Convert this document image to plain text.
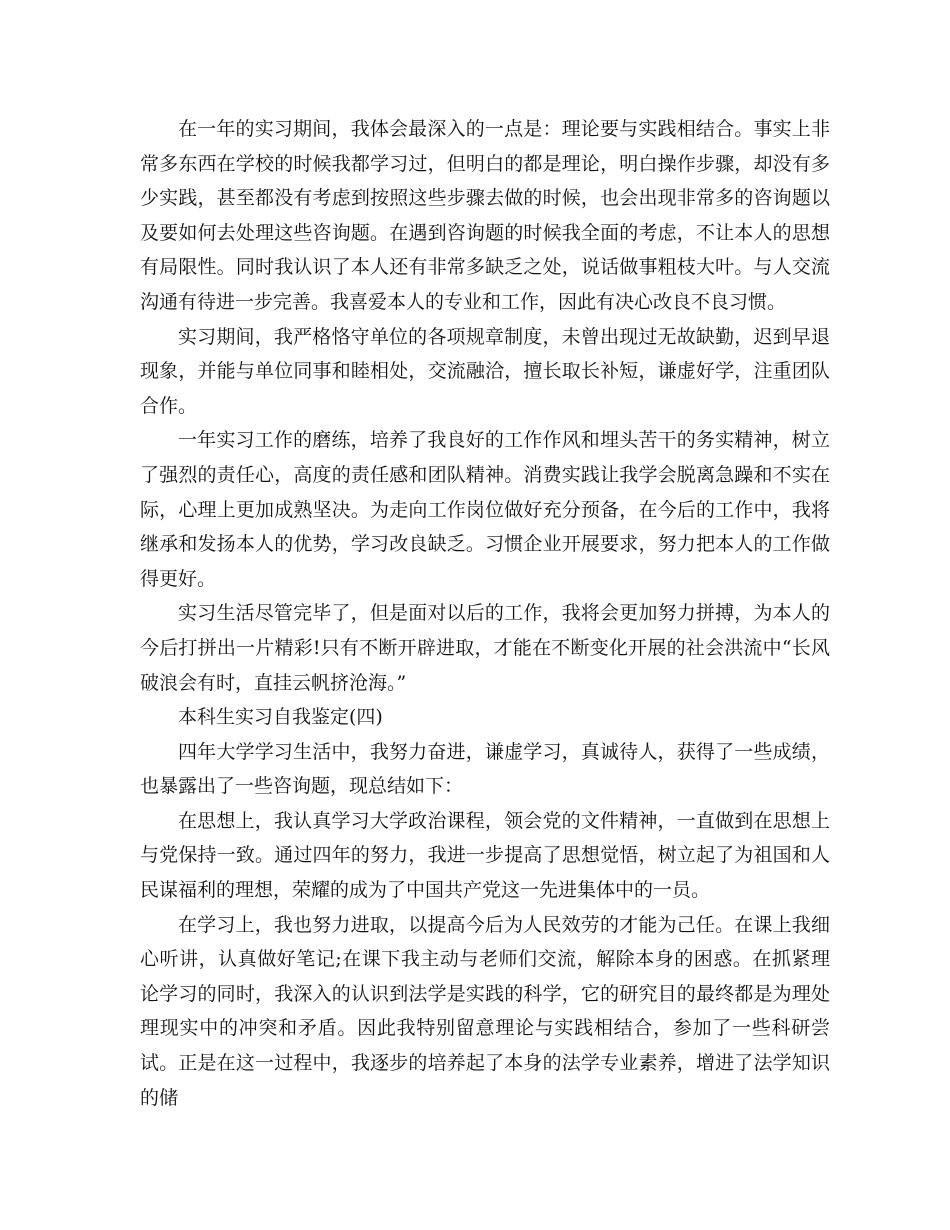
在一年的实习期间，我体会最深入的一点是：理论要与实践相结合。事实上非常多东西在学校的时候我都学习过，但明白的都是理论，明白操作步骤，却没有多少实践，甚至都没有考虑到按照这些步骤去做的时候，也会出现非常多的咨询题以及要如何去处理这些咨询题。在遇到咨询题的时候我全面的考虑，不让本人的思想有局限性。同时我认识了本人还有非常多缺乏之处，说话做事粗枝大叶。与人交流沟通有待进一步完善。我喜爱本人的专业和工作，因此有决心改良不良习惯。

实习期间，我严格恪守单位的各项规章制度，未曾出现过无故缺勤，迟到早退现象，并能与单位同事和睦相处，交流融洽，擅长取长补短，谦虚好学，注重团队合作。

一年实习工作的磨练，培养了我良好的工作作风和埋头苦干的务实精神，树立了强烈的责任心，高度的责任感和团队精神。消费实践让我学会脱离急躁和不实在际，心理上更加成熟坚决。为走向工作岗位做好充分预备，在今后的工作中，我将继承和发扬本人的优势，学习改良缺乏。习惯企业开展要求，努力把本人的工作做得更好。

实习生活尽管完毕了，但是面对以后的工作，我将会更加努力拼搏，为本人的今后打拼出一片精彩!只有不断开辟进取，才能在不断变化开展的社会洪流中“长风破浪会有时，直挂云帆挤沧海。”

本科生实习自我鉴定(四)

四年大学学习生活中，我努力奋进，谦虚学习，真诚待人，获得了一些成绩，也暴露出了一些咨询题，现总结如下：

在思想上，我认真学习大学政治课程，领会党的文件精神，一直做到在思想上与党保持一致。通过四年的努力，我进一步提高了思想觉悟，树立起了为祖国和人民谋福利的理想，荣耀的成为了中国共产党这一先进集体中的一员。

在学习上，我也努力进取，以提高今后为人民效劳的才能为己任。在课上我细心听讲，认真做好笔记;在课下我主动与老师们交流，解除本身的困惑。在抓紧理论学习的同时，我深入的认识到法学是实践的科学，它的研究目的最终都是为理处理现实中的冲突和矛盾。因此我特别留意理论与实践相结合，参加了一些科研尝试。正是在这一过程中，我逐步的培养起了本身的法学专业素养，增进了法学知识的储
